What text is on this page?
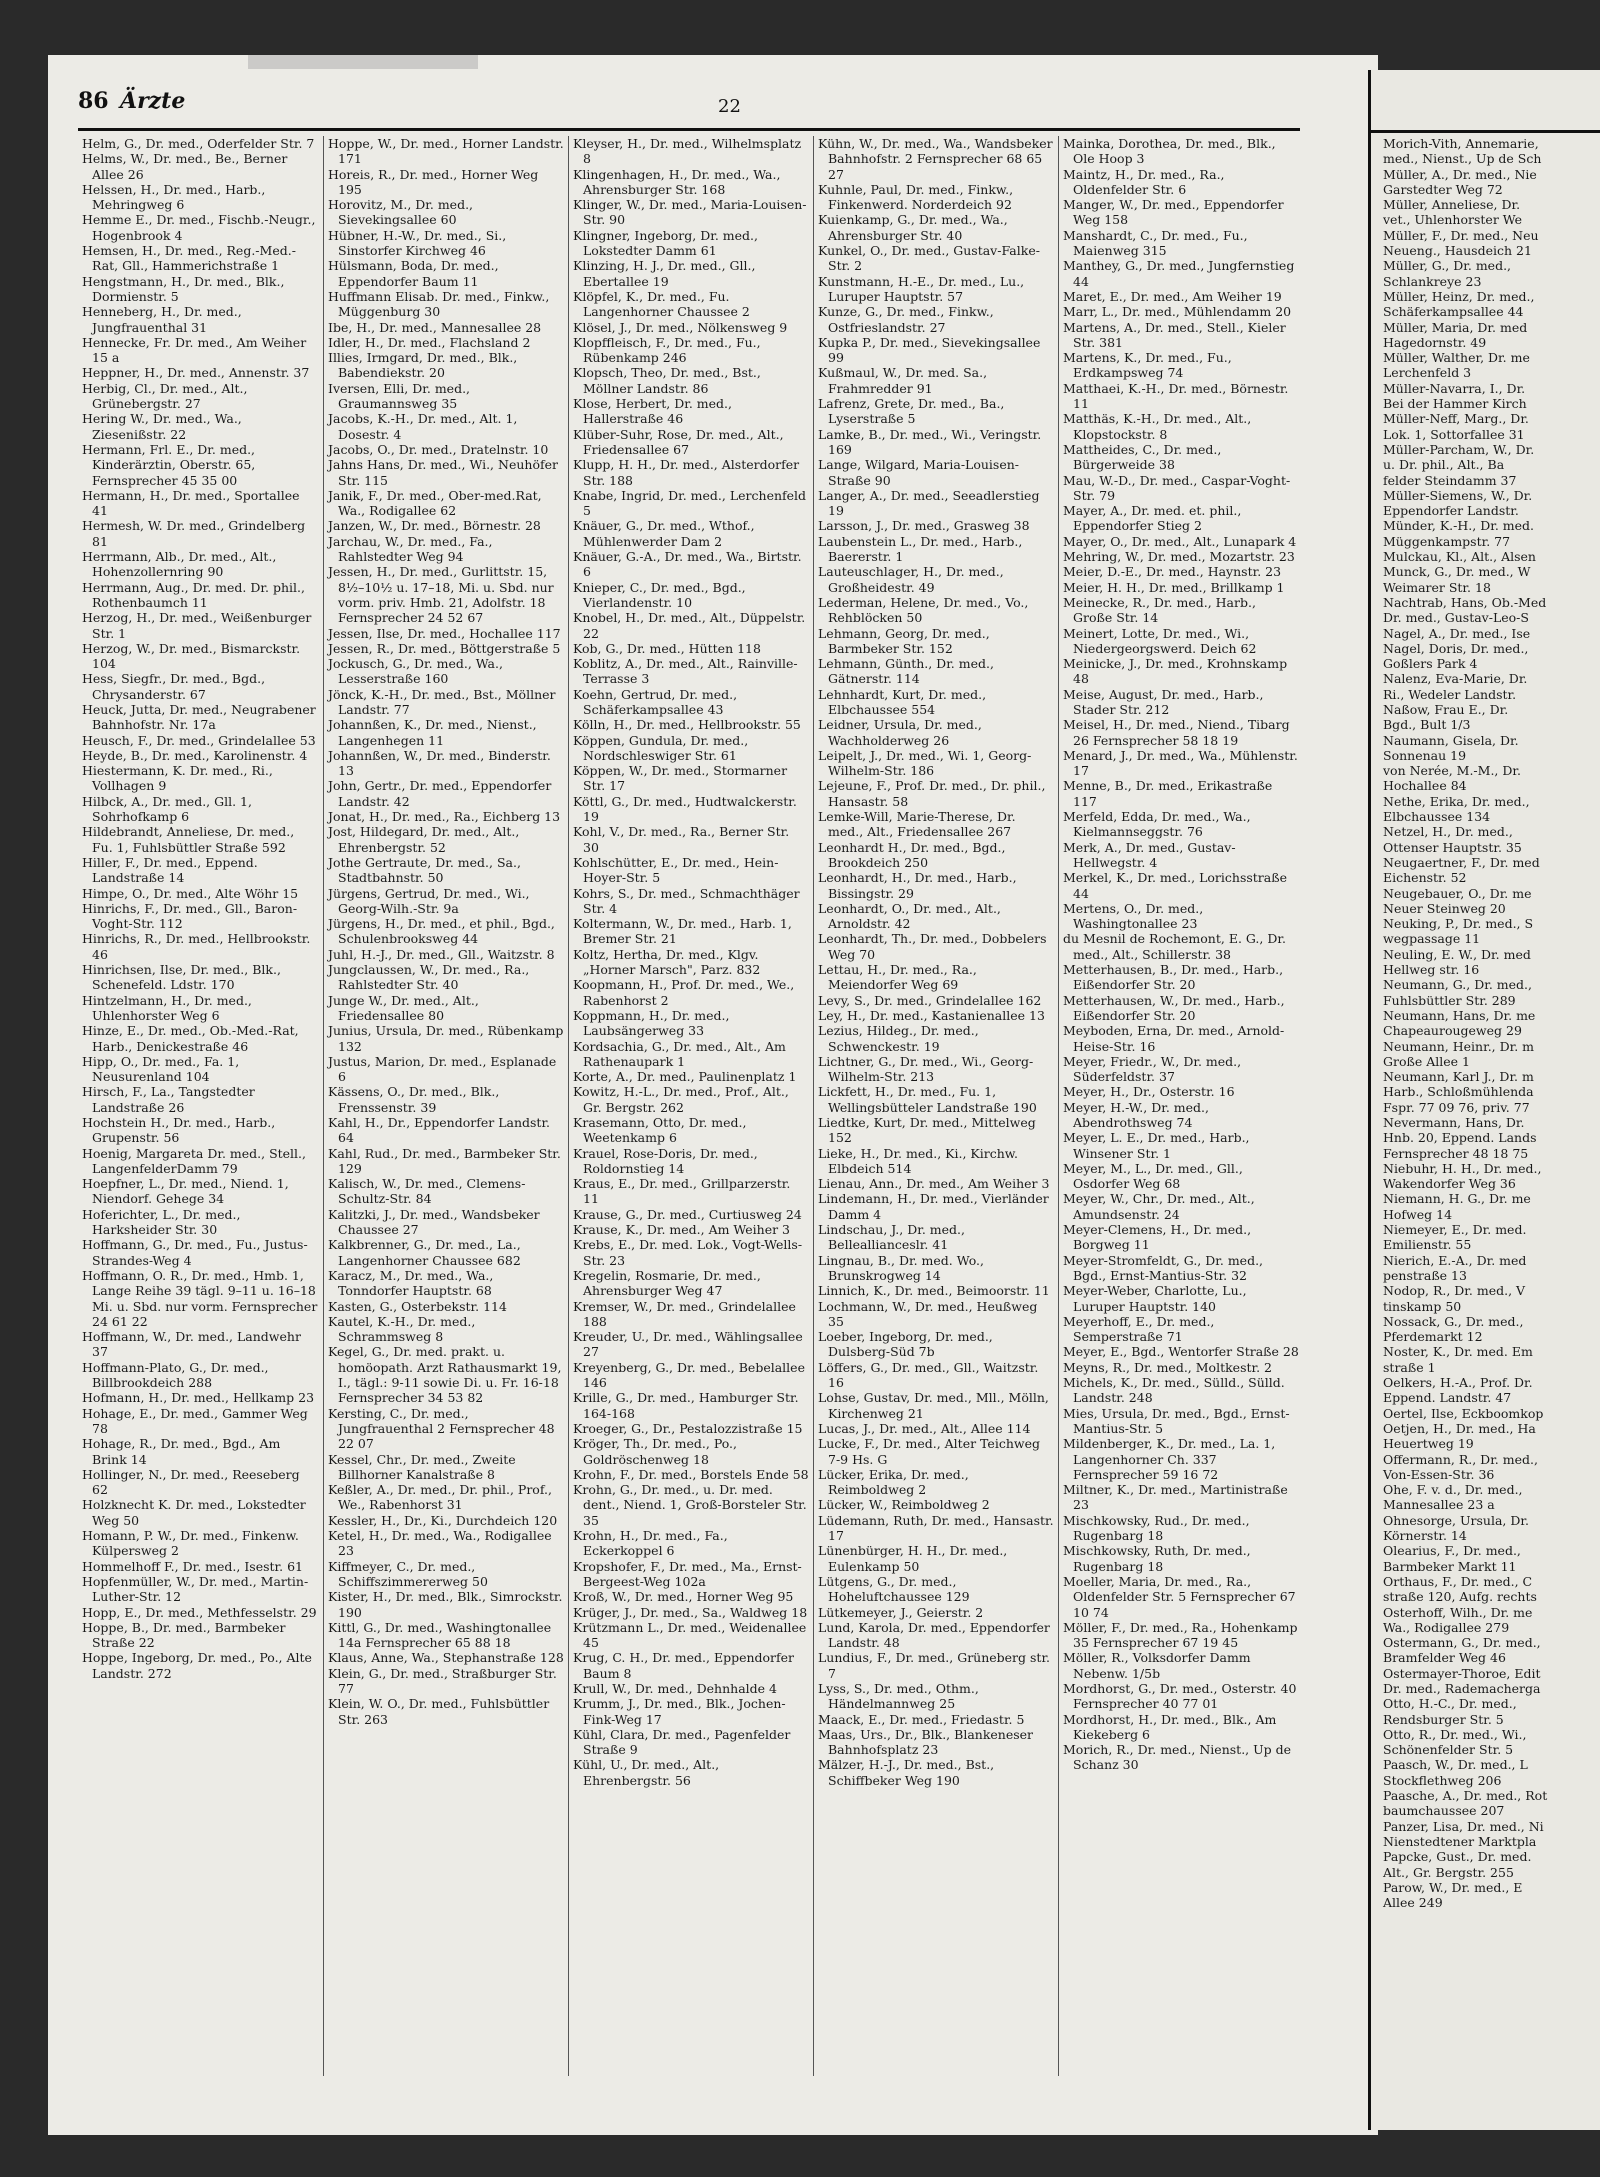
86 Ärzte	22
Helm, G., Dr. med., Oderfelder Str. 7
Helms, W., Dr. med., Be., Berner Allee 26
Helssen, H., Dr. med., Harb., Mehringweg 6
Hemme E., Dr. med., Fischb.-Neugr., Hogenbrook 4
Hemsen, H., Dr. med., Reg.-Med.-Rat, Gll., Hammerichstraße 1
Hengstmann, H., Dr. med., Blk., Dormienstr. 5
Henneberg, H., Dr. med., Jungfrauenthal 31
Hennecke, Fr. Dr. med., Am Weiher 15 a
Heppner, H., Dr. med., Annenstr. 37
Herbig, Cl., Dr. med., Alt., Grünebergstr. 27
Hering W., Dr. med., Wa., Ziesenißstr. 22
Hermann, Frl. E., Dr. med., Kinderärztin, Oberstr. 65, Fernsprecher 45 35 00
Hermann, H., Dr. med., Sportallee 41
Hermesh, W. Dr. med., Grindelberg 81
Herrmann, Alb., Dr. med., Alt., Hohenzollernring 90
Herrmann, Aug., Dr. med. Dr. phil., Rothenbaumch 11
Herzog, H., Dr. med., Weißenburger Str. 1
Herzog, W., Dr. med., Bismarckstr. 104
Hess, Siegfr., Dr. med., Bgd., Chrysanderstr. 67
Heuck, Jutta, Dr. med., Neugrabener Bahnhofstr. Nr. 17a
Heusch, F., Dr. med., Grindelallee 53
Heyde, B., Dr. med., Karolinenstr. 4
Hiestermann, K. Dr. med., Ri., Vollhagen 9
Hilbck, A., Dr. med., Gll. 1, Sohrhofkamp 6
Hildebrandt, Anneliese, Dr. med., Fu. 1, Fuhlsbüttler Straße 592
Hiller, F., Dr. med., Eppend. Landstraße 14
Himpe, O., Dr. med., Alte Wöhr 15
Hinrichs, F., Dr. med., Gll., Baron-Voght-Str. 112
Hinrichs, R., Dr. med., Hellbrookstr. 46
Hinrichsen, Ilse, Dr. med., Blk., Schenefeld. Ldstr. 170
Hintzelmann, H., Dr. med., Uhlenhorster Weg 6
Hinze, E., Dr. med., Ob.-Med.-Rat, Harb., Denickestraße 46
Hipp, O., Dr. med., Fa. 1, Neusurenland 104
Hirsch, F., La., Tangstedter Landstraße 26
Hochstein H., Dr. med., Harb., Grupenstr. 56
Hoenig, Margareta Dr. med., Stell., LangenfelderDamm 79
Hoepfner, L., Dr. med., Niend. 1, Niendorf. Gehege 34
Hoferichter, L., Dr. med., Harksheider Str. 30
Hoffmann, G., Dr. med., Fu., Justus-Strandes-Weg 4
Hoffmann, O. R., Dr. med., Hmb. 1, Lange Reihe 39 tägl. 9–11 u. 16–18 Mi. u. Sbd. nur vorm. Fernsprecher 24 61 22
Hoffmann, W., Dr. med., Landwehr 37
Hoffmann-Plato, G., Dr. med., Billbrookdeich 288
Hofmann, H., Dr. med., Hellkamp 23
Hohage, E., Dr. med., Gammer Weg 78
Hohage, R., Dr. med., Bgd., Am Brink 14
Hollinger, N., Dr. med., Reeseberg 62
Holzknecht K. Dr. med., Lokstedter Weg 50
Homann, P. W., Dr. med., Finkenw. Külpersweg 2
Hommelhoff F., Dr. med., Isestr. 61
Hopfenmüller, W., Dr. med., Martin-Luther-Str. 12
Hopp, E., Dr. med., Methfesselstr. 29
Hoppe, B., Dr. med., Barmbeker Straße 22
Hoppe, Ingeborg, Dr. med., Po., Alte Landstr. 272
Hoppe, W., Dr. med., Horner Landstr. 171
Horeis, R., Dr. med., Horner Weg 195
Horovitz, M., Dr. med., Sievekingsallee 60
Hübner, H.-W., Dr. med., Si., Sinstorfer Kirchweg 46
Hülsmann, Boda, Dr. med., Eppendorfer Baum 11
Huffmann Elisab. Dr. med., Finkw., Müggenburg 30
Ibe, H., Dr. med., Mannesallee 28
Idler, H., Dr. med., Flachsland 2
Illies, Irmgard, Dr. med., Blk., Babendiekstr. 20
Iversen, Elli, Dr. med., Graumannsweg 35
Jacobs, K.-H., Dr. med., Alt. 1, Dosestr. 4
Jacobs, O., Dr. med., Dratelnstr. 10
Jahns Hans, Dr. med., Wi., Neuhöfer Str. 115
Janik, F., Dr. med., Ober-med.Rat, Wa., Rodigallee 62
Janzen, W., Dr. med., Börnestr. 28
Jarchau, W., Dr. med., Fa., Rahlstedter Weg 94
Jessen, H., Dr. med., Gurlittstr. 15, 8½–10½ u. 17–18, Mi. u. Sbd. nur vorm. priv. Hmb. 21, Adolfstr. 18 Fernsprecher 24 52 67
Jessen, Ilse, Dr. med., Hochallee 117
Jessen, R., Dr. med., Böttgerstraße 5
Jockusch, G., Dr. med., Wa., Lesserstraße 160
Jönck, K.-H., Dr. med., Bst., Möllner Landstr. 77
Johannßen, K., Dr. med., Nienst., Langenhegen 11
Johannßen, W., Dr. med., Binderstr. 13
John, Gertr., Dr. med., Eppendorfer Landstr. 42
Jonat, H., Dr. med., Ra., Eichberg 13
Jost, Hildegard, Dr. med., Alt., Ehrenbergstr. 52
Jothe Gertraute, Dr. med., Sa., Stadtbahnstr. 50
Jürgens, Gertrud, Dr. med., Wi., Georg-Wilh.-Str. 9a
Jürgens, H., Dr. med., et phil., Bgd., Schulenbrooksweg 44
Juhl, H.-J., Dr. med., Gll., Waitzstr. 8
Jungclaussen, W., Dr. med., Ra., Rahlstedter Str. 40
Junge W., Dr. med., Alt., Friedensallee 80
Junius, Ursula, Dr. med., Rübenkamp 132
Justus, Marion, Dr. med., Esplanade 6
Kässens, O., Dr. med., Blk., Frenssenstr. 39
Kahl, H., Dr., Eppendorfer Landstr. 64
Kahl, Rud., Dr. med., Barmbeker Str. 129
Kalisch, W., Dr. med., Clemens-Schultz-Str. 84
Kalitzki, J., Dr. med., Wandsbeker Chaussee 27
Kalkbrenner, G., Dr. med., La., Langenhorner Chaussee 682
Karacz, M., Dr. med., Wa., Tonndorfer Hauptstr. 68
Kasten, G., Osterbekstr. 114
Kautel, K.-H., Dr. med., Schrammsweg 8
Kegel, G., Dr. med. prakt. u. homöopath. Arzt Rathausmarkt 19, I., tägl.: 9-11 sowie Di. u. Fr. 16-18 Fernsprecher 34 53 82
Kersting, C., Dr. med., Jungfrauenthal 2 Fernsprecher 48 22 07
Kessel, Chr., Dr. med., Zweite Billhorner Kanalstraße 8
Keßler, A., Dr. med., Dr. phil., Prof., We., Rabenhorst 31
Kessler, H., Dr., Ki., Durchdeich 120
Ketel, H., Dr. med., Wa., Rodigallee 23
Kiffmeyer, C., Dr. med., Schiffszimmererweg 50
Kister, H., Dr. med., Blk., Simrockstr. 190
Kittl, G., Dr. med., Washingtonallee 14a Fernsprecher 65 88 18
Klaus, Anne, Wa., Stephanstraße 128
Klein, G., Dr. med., Straßburger Str. 77
Klein, W. O., Dr. med., Fuhlsbüttler Str. 263
Kleyser, H., Dr. med., Wilhelmsplatz 8
Klingenhagen, H., Dr. med., Wa., Ahrensburger Str. 168
Klinger, W., Dr. med., Maria-Louisen-Str. 90
Klingner, Ingeborg, Dr. med., Lokstedter Damm 61
Klinzing, H. J., Dr. med., Gll., Ebertallee 19
Klöpfel, K., Dr. med., Fu. Langenhorner Chaussee 2
Klösel, J., Dr. med., Nölkensweg 9
Klopffleisch, F., Dr. med., Fu., Rübenkamp 246
Klopsch, Theo, Dr. med., Bst., Möllner Landstr. 86
Klose, Herbert, Dr. med., Hallerstraße 46
Klüber-Suhr, Rose, Dr. med., Alt., Friedensallee 67
Klupp, H. H., Dr. med., Alsterdorfer Str. 188
Knabe, Ingrid, Dr. med., Lerchenfeld 5
Knäuer, G., Dr. med., Wthof., Mühlenwerder Dam 2
Knäuer, G.-A., Dr. med., Wa., Birtstr. 6
Knieper, C., Dr. med., Bgd., Vierlandenstr. 10
Knobel, H., Dr. med., Alt., Düppelstr. 22
Kob, G., Dr. med., Hütten 118
Koblitz, A., Dr. med., Alt., Rainville-Terrasse 3
Koehn, Gertrud, Dr. med., Schäferkampsallee 43
Kölln, H., Dr. med., Hellbrookstr. 55
Köppen, Gundula, Dr. med., Nordschleswiger Str. 61
Köppen, W., Dr. med., Stormarner Str. 17
Köttl, G., Dr. med., Hudtwalckerstr. 19
Kohl, V., Dr. med., Ra., Berner Str. 30
Kohlschütter, E., Dr. med., Hein-Hoyer-Str. 5
Kohrs, S., Dr. med., Schmachthäger Str. 4
Koltermann, W., Dr. med., Harb. 1, Bremer Str. 21
Koltz, Hertha, Dr. med., Klgv. „Horner Marsch", Parz. 832
Koopmann, H., Prof. Dr. med., We., Rabenhorst 2
Koppmann, H., Dr. med., Laubsängerweg 33
Kordsachia, G., Dr. med., Alt., Am Rathenaupark 1
Korte, A., Dr. med., Paulinenplatz 1
Kowitz, H.-L., Dr. med., Prof., Alt., Gr. Bergstr. 262
Krasemann, Otto, Dr. med., Weetenkamp 6
Krauel, Rose-Doris, Dr. med., Roldornstieg 14
Kraus, E., Dr. med., Grillparzerstr. 11
Krause, G., Dr. med., Curtiusweg 24
Krause, K., Dr. med., Am Weiher 3
Krebs, E., Dr. med. Lok., Vogt-Wells-Str. 23
Kregelin, Rosmarie, Dr. med., Ahrensburger Weg 47
Kremser, W., Dr. med., Grindelallee 188
Kreuder, U., Dr. med., Wählingsallee 27
Kreyenberg, G., Dr. med., Bebelallee 146
Krille, G., Dr. med., Hamburger Str. 164-168
Kroeger, G., Dr., Pestalozzistraße 15
Kröger, Th., Dr. med., Po., Goldröschenweg 18
Krohn, F., Dr. med., Borstels Ende 58
Krohn, G., Dr. med., u. Dr. med. dent., Niend. 1, Groß-Borsteler Str. 35
Krohn, H., Dr. med., Fa., Eckerkoppel 6
Kropshofer, F., Dr. med., Ma., Ernst-Bergeest-Weg 102a
Kroß, W., Dr. med., Horner Weg 95
Krüger, J., Dr. med., Sa., Waldweg 18
Krützmann L., Dr. med., Weidenallee 45
Krug, C. H., Dr. med., Eppendorfer Baum 8
Krull, W., Dr. med., Dehnhalde 4
Krumm, J., Dr. med., Blk., Jochen-Fink-Weg 17
Kühl, Clara, Dr. med., Pagenfelder Straße 9
Kühl, U., Dr. med., Alt., Ehrenbergstr. 56
Kühn, W., Dr. med., Wa., Wandsbeker Bahnhofstr. 2 Fernsprecher 68 65 27
Kuhnle, Paul, Dr. med., Finkw., Finkenwerd. Norderdeich 92
Kuienkamp, G., Dr. med., Wa., Ahrensburger Str. 40
Kunkel, O., Dr. med., Gustav-Falke-Str. 2
Kunstmann, H.-E., Dr. med., Lu., Luruper Hauptstr. 57
Kunze, G., Dr. med., Finkw., Ostfrieslandstr. 27
Kupka P., Dr. med., Sievekingsallee 99
Kußmaul, W., Dr. med. Sa., Frahmredder 91
Lafrenz, Grete, Dr. med., Ba., Lyserstraße 5
Lamke, B., Dr. med., Wi., Veringstr. 169
Lange, Wilgard, Maria-Louisen-Straße 90
Langer, A., Dr. med., Seeadlerstieg 19
Larsson, J., Dr. med., Grasweg 38
Laubenstein L., Dr. med., Harb., Baererstr. 1
Lauteuschlager, H., Dr. med., Großheidestr. 49
Lederman, Helene, Dr. med., Vo., Rehblöcken 50
Lehmann, Georg, Dr. med., Barmbeker Str. 152
Lehmann, Günth., Dr. med., Gätnerstr. 114
Lehnhardt, Kurt, Dr. med., Elbchaussee 554
Leidner, Ursula, Dr. med., Wachholderweg 26
Leipelt, J., Dr. med., Wi. 1, Georg-Wilhelm-Str. 186
Lejeune, F., Prof. Dr. med., Dr. phil., Hansastr. 58
Lemke-Will, Marie-Therese, Dr. med., Alt., Friedensallee 267
Leonhardt H., Dr. med., Bgd., Brookdeich 250
Leonhardt, H., Dr. med., Harb., Bissingstr. 29
Leonhardt, O., Dr. med., Alt., Arnoldstr. 42
Leonhardt, Th., Dr. med., Dobbelers Weg 70
Lettau, H., Dr. med., Ra., Meiendorfer Weg 69
Levy, S., Dr. med., Grindelallee 162
Ley, H., Dr. med., Kastanienallee 13
Lezius, Hildeg., Dr. med., Schwenckestr. 19
Lichtner, G., Dr. med., Wi., Georg-Wilhelm-Str. 213
Lickfett, H., Dr. med., Fu. 1, Wellingsbütteler Landstraße 190
Liedtke, Kurt, Dr. med., Mittelweg 152
Lieke, H., Dr. med., Ki., Kirchw. Elbdeich 514
Lienau, Ann., Dr. med., Am Weiher 3
Lindemann, H., Dr. med., Vierländer Damm 4
Lindschau, J., Dr. med., Belleallianceslr. 41
Lingnau, B., Dr. med. Wo., Brunskrogweg 14
Linnich, K., Dr. med., Beimoorstr. 11
Lochmann, W., Dr. med., Heußweg 35
Loeber, Ingeborg, Dr. med., Dulsberg-Süd 7b
Löffers, G., Dr. med., Gll., Waitzstr. 16
Lohse, Gustav, Dr. med., Mll., Mölln, Kirchenweg 21
Lucas, J., Dr. med., Alt., Allee 114
Lucke, F., Dr. med., Alter Teichweg 7-9 Hs. G
Lücker, Erika, Dr. med., Reimboldweg 2
Lücker, W., Reimboldweg 2
Lüdemann, Ruth, Dr. med., Hansastr. 17
Lünenbürger, H. H., Dr. med., Eulenkamp 50
Lütgens, G., Dr. med., Hoheluftchaussee 129
Lütkemeyer, J., Geierstr. 2
Lund, Karola, Dr. med., Eppendorfer Landstr. 48
Lundius, F., Dr. med., Grüneberg str. 7
Lyss, S., Dr. med., Othm., Händelmannweg 25
Maack, E., Dr. med., Friedastr. 5
Maas, Urs., Dr., Blk., Blankeneser Bahnhofsplatz 23
Mälzer, H.-J., Dr. med., Bst., Schiffbeker Weg 190
Mainka, Dorothea, Dr. med., Blk., Ole Hoop 3
Maintz, H., Dr. med., Ra., Oldenfelder Str. 6
Manger, W., Dr. med., Eppendorfer Weg 158
Manshardt, C., Dr. med., Fu., Maienweg 315
Manthey, G., Dr. med., Jungfernstieg 44
Maret, E., Dr. med., Am Weiher 19
Marr, L., Dr. med., Mühlendamm 20
Martens, A., Dr. med., Stell., Kieler Str. 381
Martens, K., Dr. med., Fu., Erdkampsweg 74
Matthaei, K.-H., Dr. med., Börnestr. 11
Matthäs, K.-H., Dr. med., Alt., Klopstockstr. 8
Mattheides, C., Dr. med., Bürgerweide 38
Mau, W.-D., Dr. med., Caspar-Voght-Str. 79
Mayer, A., Dr. med. et. phil., Eppendorfer Stieg 2
Mayer, O., Dr. med., Alt., Lunapark 4
Mehring, W., Dr. med., Mozartstr. 23
Meier, D.-E., Dr. med., Haynstr. 23
Meier, H. H., Dr. med., Brillkamp 1
Meinecke, R., Dr. med., Harb., Große Str. 14
Meinert, Lotte, Dr. med., Wi., Niedergeorgswerd. Deich 62
Meinicke, J., Dr. med., Krohnskamp 48
Meise, August, Dr. med., Harb., Stader Str. 212
Meisel, H., Dr. med., Niend., Tibarg 26 Fernsprecher 58 18 19
Menard, J., Dr. med., Wa., Mühlenstr. 17
Menne, B., Dr. med., Erikastraße 117
Merfeld, Edda, Dr. med., Wa., Kielmannseggstr. 76
Merk, A., Dr. med., Gustav-Hellwegstr. 4
Merkel, K., Dr. med., Lorichsstraße 44
Mertens, O., Dr. med., Washingtonallee 23
du Mesnil de Rochemont, E. G., Dr. med., Alt., Schillerstr. 38
Metterhausen, B., Dr. med., Harb., Eißendorfer Str. 20
Metterhausen, W., Dr. med., Harb., Eißendorfer Str. 20
Meyboden, Erna, Dr. med., Arnold-Heise-Str. 16
Meyer, Friedr., W., Dr. med., Süderfeldstr. 37
Meyer, H., Dr., Osterstr. 16
Meyer, H.-W., Dr. med., Abendrothsweg 74
Meyer, L. E., Dr. med., Harb., Winsener Str. 1
Meyer, M., L., Dr. med., Gll., Osdorfer Weg 68
Meyer, W., Chr., Dr. med., Alt., Amundsenstr. 24
Meyer-Clemens, H., Dr. med., Borgweg 11
Meyer-Stromfeldt, G., Dr. med., Bgd., Ernst-Mantius-Str. 32
Meyer-Weber, Charlotte, Lu., Luruper Hauptstr. 140
Meyerhoff, E., Dr. med., Semperstraße 71
Meyer, E., Bgd., Wentorfer Straße 28
Meyns, R., Dr. med., Moltkestr. 2
Michels, K., Dr. med., Sülld., Sülld. Landstr. 248
Mies, Ursula, Dr. med., Bgd., Ernst-Mantius-Str. 5
Mildenberger, K., Dr. med., La. 1, Langenhorner Ch. 337 Fernsprecher 59 16 72
Miltner, K., Dr. med., Martinistraße 23
Mischkowsky, Rud., Dr. med., Rugenbarg 18
Mischkowsky, Ruth, Dr. med., Rugenbarg 18
Moeller, Maria, Dr. med., Ra., Oldenfelder Str. 5 Fernsprecher 67 10 74
Möller, F., Dr. med., Ra., Hohenkamp 35 Fernsprecher 67 19 45
Möller, R., Volksdorfer Damm Nebenw. 1/5b
Mordhorst, G., Dr. med., Osterstr. 40 Fernsprecher 40 77 01
Mordhorst, H., Dr. med., Blk., Am Kiekeberg 6
Morich, R., Dr. med., Nienst., Up de Schanz 30
Morich-Vith, Annemarie,
med., Nienst., Up de Sch
Müller, A., Dr. med., Nie
Garstedter Weg 72
Müller, Anneliese, Dr.
vet., Uhlenhorster We
Müller, F., Dr. med., Neu
Neueng., Hausdeich 21
Müller, G., Dr. med.,
Schlankreye 23
Müller, Heinz, Dr. med.,
Schäferkampsallee 44
Müller, Maria, Dr. med
Hagedornstr. 49
Müller, Walther, Dr. me
Lerchenfeld 3
Müller-Navarra, I., Dr.
Bei der Hammer Kirch
Müller-Neff, Marg., Dr.
Lok. 1, Sottorfallee 31
Müller-Parcham, W., Dr.
u. Dr. phil., Alt., Ba
felder Steindamm 37
Müller-Siemens, W., Dr.
Eppendorfer Landstr.
Münder, K.-H., Dr. med.
Müggenkampstr. 77
Mulckau, Kl., Alt., Alsen
Munck, G., Dr. med., W
Weimarer Str. 18
Nachtrab, Hans, Ob.-Med
Dr. med., Gustav-Leo-S
Nagel, A., Dr. med., Ise
Nagel, Doris, Dr. med.,
Goßlers Park 4
Nalenz, Eva-Marie, Dr.
Ri., Wedeler Landstr.
Naßow, Frau E., Dr.
Bgd., Bult 1/3
Naumann, Gisela, Dr.
Sonnenau 19
von Nerée, M.-M., Dr.
Hochallee 84
Nethe, Erika, Dr. med.,
Elbchaussee 134
Netzel, H., Dr. med.,
Ottenser Hauptstr. 35
Neugaertner, F., Dr. med
Eichenstr. 52
Neugebauer, O., Dr. me
Neuer Steinweg 20
Neuking, P., Dr. med., S
wegpassage 11
Neuling, E. W., Dr. med
Hellweg str. 16
Neumann, G., Dr. med.,
Fuhlsbüttler Str. 289
Neumann, Hans, Dr. me
Chapeaurougeweg 29
Neumann, Heinr., Dr. m
Große Allee 1
Neumann, Karl J., Dr. m
Harb., Schloßmühlenda
Fspr. 77 09 76, priv. 77
Nevermann, Hans, Dr.
Hnb. 20, Eppend. Lands
Fernsprecher 48 18 75
Niebuhr, H. H., Dr. med.,
Wakendorfer Weg 36
Niemann, H. G., Dr. me
Hofweg 14
Niemeyer, E., Dr. med.
Emilienstr. 55
Nierich, E.-A., Dr. med
penstraße 13
Nodop, R., Dr. med., V
tinskamp 50
Nossack, G., Dr. med.,
Pferdemarkt 12
Noster, K., Dr. med. Em
straße 1
Oelkers, H.-A., Prof. Dr.
Eppend. Landstr. 47
Oertel, Ilse, Eckboomkop
Oetjen, H., Dr. med., Ha
Heuertweg 19
Offermann, R., Dr. med.,
Von-Essen-Str. 36
Ohe, F. v. d., Dr. med.,
Mannesallee 23 a
Ohnesorge, Ursula, Dr.
Körnerstr. 14
Olearius, F., Dr. med.,
Barmbeker Markt 11
Orthaus, F., Dr. med., C
straße 120, Aufg. rechts
Osterhoff, Wilh., Dr. me
Wa., Rodigallee 279
Ostermann, G., Dr. med.,
Bramfelder Weg 46
Ostermayer-Thoroe, Edit
Dr. med., Rademacherga
Otto, H.-C., Dr. med.,
Rendsburger Str. 5
Otto, R., Dr. med., Wi.,
Schönenfelder Str. 5
Paasch, W., Dr. med., L
Stockflethweg 206
Paasche, A., Dr. med., Rot
baumchaussee 207
Panzer, Lisa, Dr. med., Ni
Nienstedtener Marktpla
Papcke, Gust., Dr. med.
Alt., Gr. Bergstr. 255
Parow, W., Dr. med., E
Allee 249
